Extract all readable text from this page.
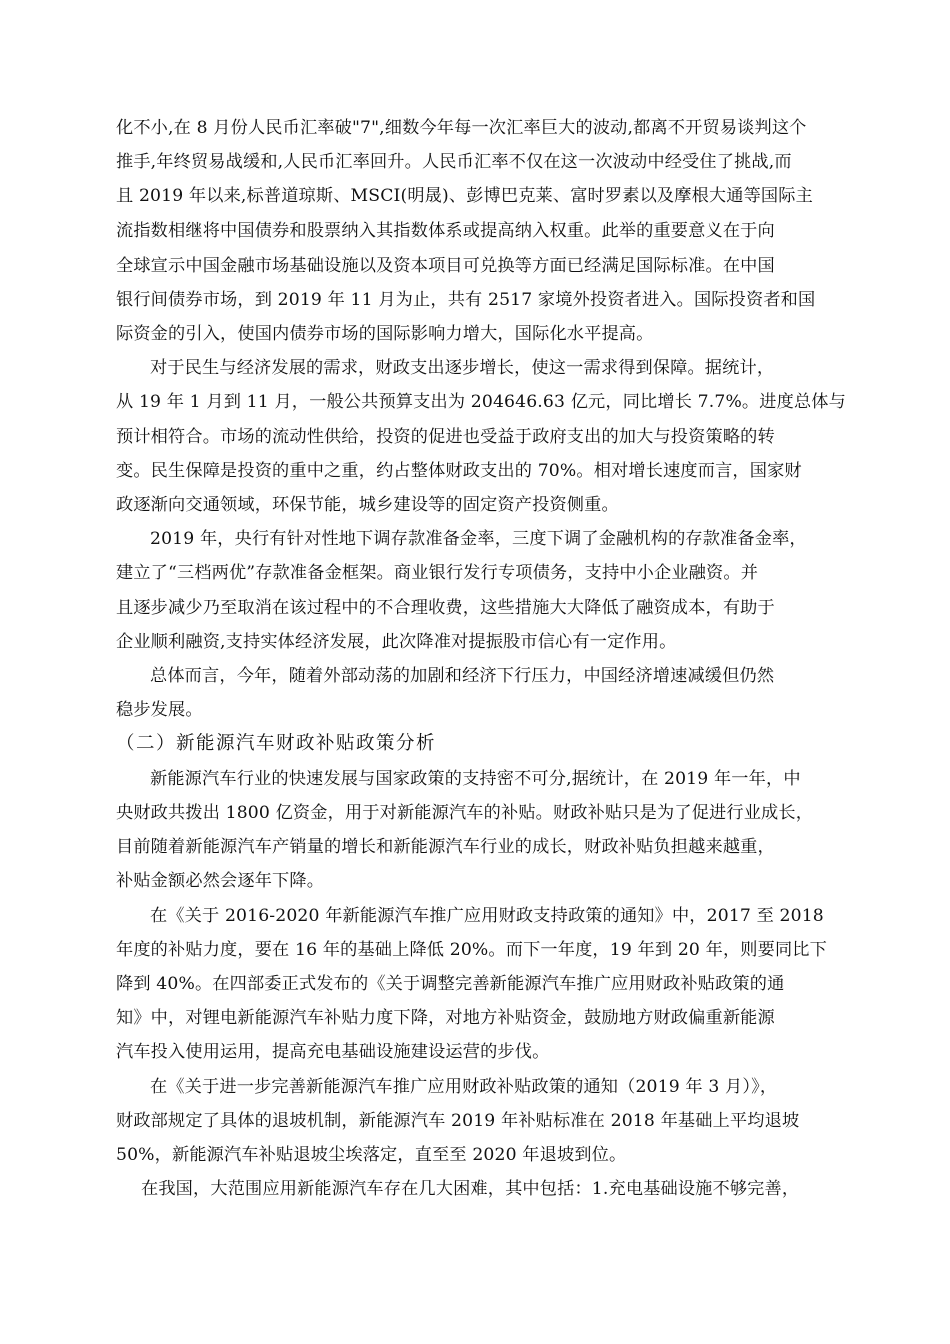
化不小,在 8 月份人民币汇率破"7",细数今年每一次汇率巨大的波动,都离不开贸易谈判这个
推手,年终贸易战缓和,人民币汇率回升。人民币汇率不仅在这一次波动中经受住了挑战,而
且 2019 年以来,标普道琼斯、MSCI(明晟)、彭博巴克莱、富时罗素以及摩根大通等国际主
流指数相继将中国债券和股票纳入其指数体系或提高纳入权重。此举的重要意义在于向
全球宣示中国金融市场基础设施以及资本项目可兑换等方面已经满足国际标准。在中国
银行间债券市场，到 2019 年 11 月为止，共有 2517 家境外投资者进入。国际投资者和国
际资金的引入，使国内债券市场的国际影响力增大，国际化水平提高。
对于民生与经济发展的需求，财政支出逐步增长，使这一需求得到保障。据统计，
从 19 年 1 月到 11 月，一般公共预算支出为 204646.63 亿元，同比增长 7.7%。进度总体与
预计相符合。市场的流动性供给，投资的促进也受益于政府支出的加大与投资策略的转
变。民生保障是投资的重中之重，约占整体财政支出的 70%。相对增长速度而言，国家财
政逐渐向交通领域，环保节能，城乡建设等的固定资产投资侧重。
2019 年，央行有针对性地下调存款准备金率，三度下调了金融机构的存款准备金率，
建立了“三档两优”存款准备金框架。商业银行发行专项债务，支持中小企业融资。并
且逐步减少乃至取消在该过程中的不合理收费，这些措施大大降低了融资成本，有助于
企业顺利融资,支持实体经济发展，此次降准对提振股市信心有一定作用。
总体而言，今年，随着外部动荡的加剧和经济下行压力，中国经济增速减缓但仍然
稳步发展。
（二）新能源汽车财政补贴政策分析
新能源汽车行业的快速发展与国家政策的支持密不可分,据统计，在 2019 年一年，中
央财政共拨出 1800 亿资金，用于对新能源汽车的补贴。财政补贴只是为了促进行业成长，
目前随着新能源汽车产销量的增长和新能源汽车行业的成长，财政补贴负担越来越重，
补贴金额必然会逐年下降。
在《关于 2016-2020 年新能源汽车推广应用财政支持政策的通知》中，2017 至 2018
年度的补贴力度，要在 16 年的基础上降低 20%。而下一年度，19 年到 20 年，则要同比下
降到 40%。在四部委正式发布的《关于调整完善新能源汽车推广应用财政补贴政策的通
知》中，对锂电新能源汽车补贴力度下降，对地方补贴资金，鼓励地方财政偏重新能源
汽车投入使用运用，提高充电基础设施建设运营的步伐。
在《关于进一步完善新能源汽车推广应用财政补贴政策的通知（2019 年 3 月）》，
财政部规定了具体的退坡机制，新能源汽车 2019 年补贴标准在 2018 年基础上平均退坡
50%，新能源汽车补贴退坡尘埃落定，直至至 2020 年退坡到位。
在我国，大范围应用新能源汽车存在几大困难，其中包括：1.充电基础设施不够完善，
